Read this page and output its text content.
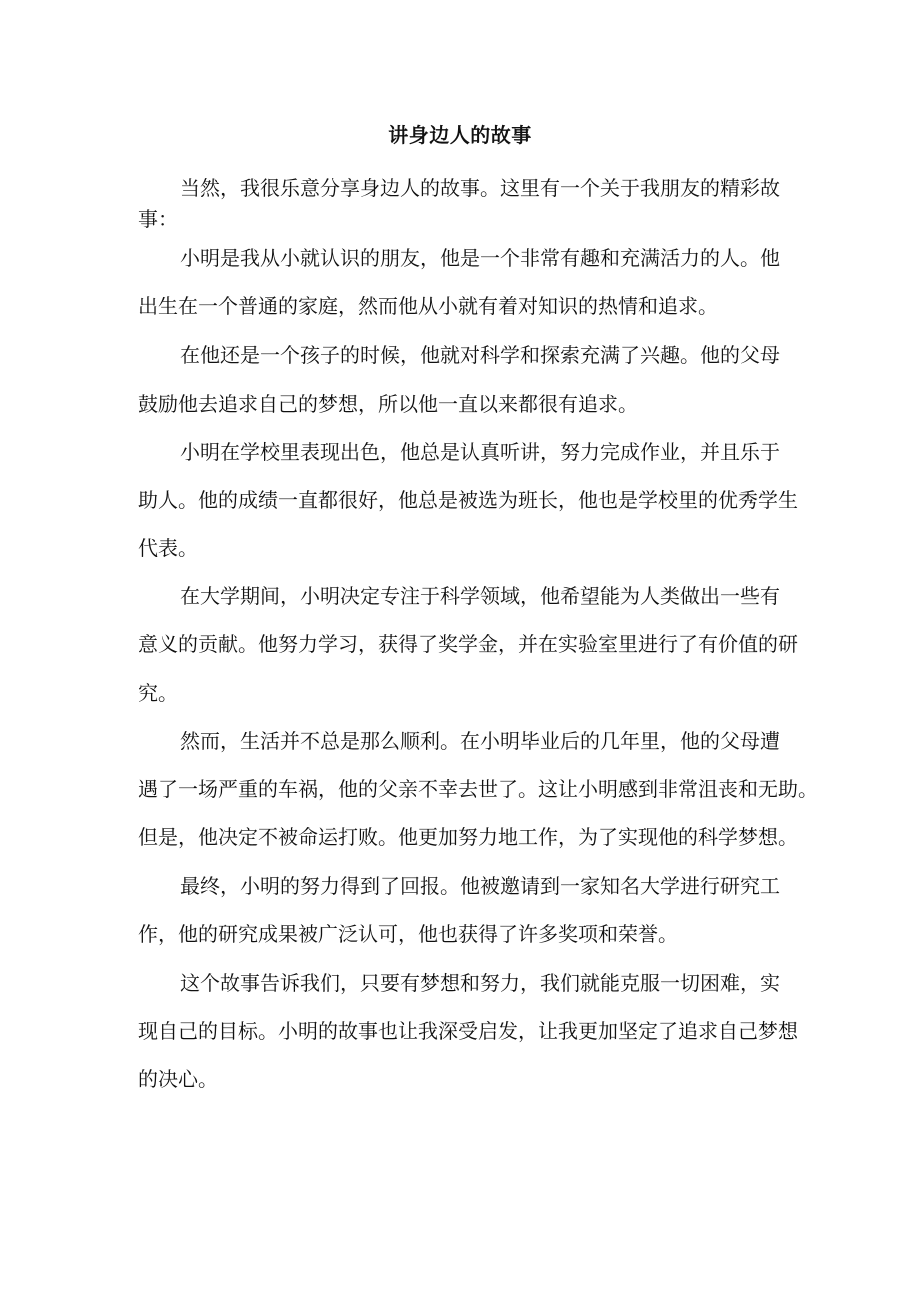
讲身边人的故事
当然，我很乐意分享身边人的故事。这里有一个关于我朋友的精彩故
事：
小明是我从小就认识的朋友，他是一个非常有趣和充满活力的人。他
出生在一个普通的家庭，然而他从小就有着对知识的热情和追求。
在他还是一个孩子的时候，他就对科学和探索充满了兴趣。他的父母
鼓励他去追求自己的梦想，所以他一直以来都很有追求。
小明在学校里表现出色，他总是认真听讲，努力完成作业，并且乐于
助人。他的成绩一直都很好，他总是被选为班长，他也是学校里的优秀学生
代表。
在大学期间，小明决定专注于科学领域，他希望能为人类做出一些有
意义的贡献。他努力学习，获得了奖学金，并在实验室里进行了有价值的研
究。
然而，生活并不总是那么顺利。在小明毕业后的几年里，他的父母遭
遇了一场严重的车祸，他的父亲不幸去世了。这让小明感到非常沮丧和无助。
但是，他决定不被命运打败。他更加努力地工作，为了实现他的科学梦想。
最终，小明的努力得到了回报。他被邀请到一家知名大学进行研究工
作，他的研究成果被广泛认可，他也获得了许多奖项和荣誉。
这个故事告诉我们，只要有梦想和努力，我们就能克服一切困难，实
现自己的目标。小明的故事也让我深受启发，让我更加坚定了追求自己梦想
的决心。
